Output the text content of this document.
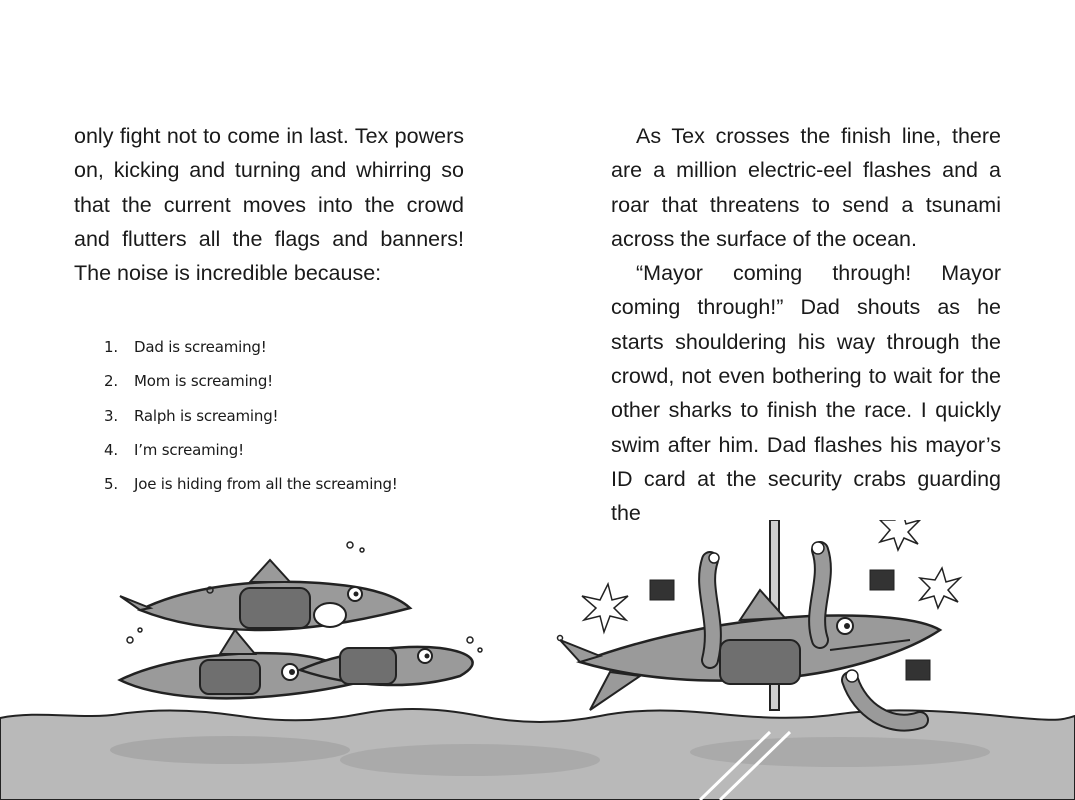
only fight not to come in last. Tex powers on, kicking and turning and whirring so that the current moves into the crowd and flutters all the flags and banners! The noise is incredible because:

1.	Dad is screaming!
2.	Mom is screaming!
3.	Ralph is screaming!
4.	I’m screaming!
5.	Joe is hiding from all the screaming!

As Tex crosses the finish line, there are a million electric-eel flashes and a roar that threatens to send a tsunami across the surface of the ocean.

“Mayor coming through! Mayor coming through!” Dad shouts as he starts shouldering his way through the crowd, not even bothering to wait for the other sharks to finish the race. I quickly swim after him. Dad flashes his mayor’s ID card at the security crabs guarding the
